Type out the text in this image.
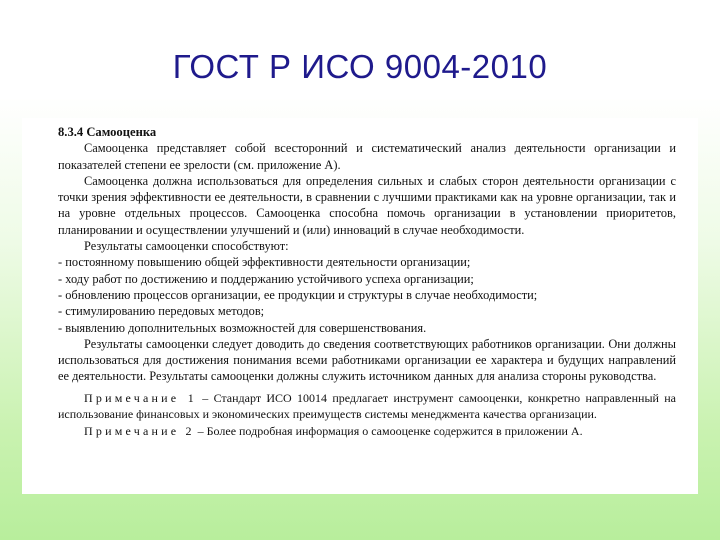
ГОСТ Р ИСО 9004-2010

8.3.4 Самооценка

Самооценка представляет собой всесторонний и систематический анализ деятельности организации и показателей степени ее зрелости (см. приложение А).

Самооценка должна использоваться для определения сильных и слабых сторон деятельности организации с точки зрения эффективности ее деятельности, в сравнении с лучшими практиками как на уровне организации, так и на уровне отдельных процессов. Самооценка способна помочь организации в установлении приоритетов, планировании и осуществлении улучшений и (или) инноваций в случае необходимости.

Результаты самооценки способствуют:

- постоянному повышению общей эффективности деятельности организации;
- ходу работ по достижению и поддержанию устойчивого успеха организации;
- обновлению процессов организации, ее продукции и структуры в случае необходимости;
- стимулированию передовых методов;
- выявлению дополнительных возможностей для совершенствования.

Результаты самооценки следует доводить до сведения соответствующих работников организации. Они должны использоваться для достижения понимания всеми работниками организации ее характера и будущих направлений ее деятельности. Результаты самооценки должны служить источником данных для анализа стороны руководства.

Примечание 1 – Стандарт ИСО 10014 предлагает инструмент самооценки, конкретно направленный на использование финансовых и экономических преимуществ системы менеджмента качества организации.

Примечание 2 – Более подробная информация о самооценке содержится в приложении А.
